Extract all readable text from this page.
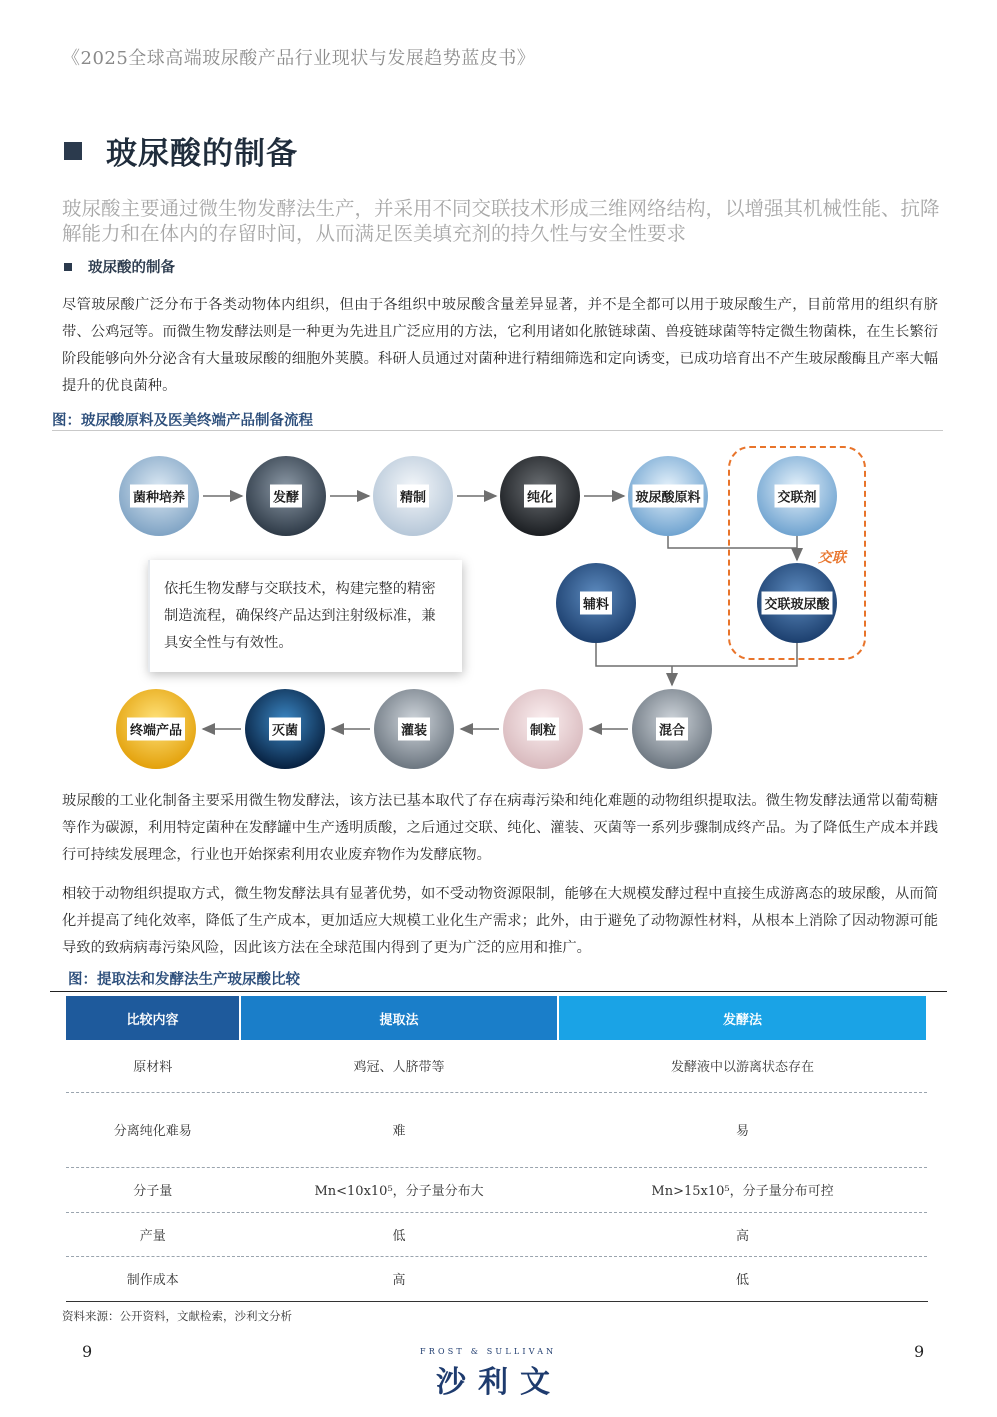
《2025全球高端玻尿酸产品行业现状与发展趋势蓝皮书》
玻尿酸的制备
玻尿酸主要通过微生物发酵法生产，并采用不同交联技术形成三维网络结构，以增强其机械性能、抗降解能力和在体内的存留时间，从而满足医美填充剂的持久性与安全性要求
玻尿酸的制备
尽管玻尿酸广泛分布于各类动物体内组织，但由于各组织中玻尿酸含量差异显著，并不是全都可以用于玻尿酸生产，目前常用的组织有脐带、公鸡冠等。而微生物发酵法则是一种更为先进且广泛应用的方法，它利用诸如化脓链球菌、兽疫链球菌等特定微生物菌株，在生长繁衍阶段能够向外分泌含有大量玻尿酸的细胞外荚膜。科研人员通过对菌种进行精细筛选和定向诱变，已成功培育出不产生玻尿酸酶且产率大幅提升的优良菌种。
图：玻尿酸原料及医美终端产品制备流程
交联
菌种培养	发酵	精制	纯化	玻尿酸原料	交联剂
辅料	交联玻尿酸
混合
制粒
灌装
灭菌
终端产品
依托生物发酵与交联技术，构建完整的精密制造流程，确保终产品达到注射级标准，兼具安全性与有效性。
玻尿酸的工业化制备主要采用微生物发酵法，该方法已基本取代了存在病毒污染和纯化难题的动物组织提取法。微生物发酵法通常以葡萄糖等作为碳源，利用特定菌种在发酵罐中生产透明质酸，之后通过交联、纯化、灌装、灭菌等一系列步骤制成终产品。为了降低生产成本并践行可持续发展理念，行业也开始探索利用农业废弃物作为发酵底物。
相较于动物组织提取方式，微生物发酵法具有显著优势，如不受动物资源限制，能够在大规模发酵过程中直接生成游离态的玻尿酸，从而简化并提高了纯化效率，降低了生产成本，更加适应大规模工业化生产需求；此外，由于避免了动物源性材料，从根本上消除了因动物源可能导致的致病病毒污染风险，因此该方法在全球范围内得到了更为广泛的应用和推广。
图：提取法和发酵法生产玻尿酸比较
比较内容	提取法	发酵法
原材料	鸡冠、人脐带等	发酵液中以游离状态存在
分离纯化难易	难	易
分子量	Mn<10x10⁵，分子量分布大	Mn>15x10⁵，分子量分布可控
产量	低	高
制作成本	高	低
资料来源：公开资料，文献检索，沙利文分析
9	9
FROST & SULLIVAN
沙利文
